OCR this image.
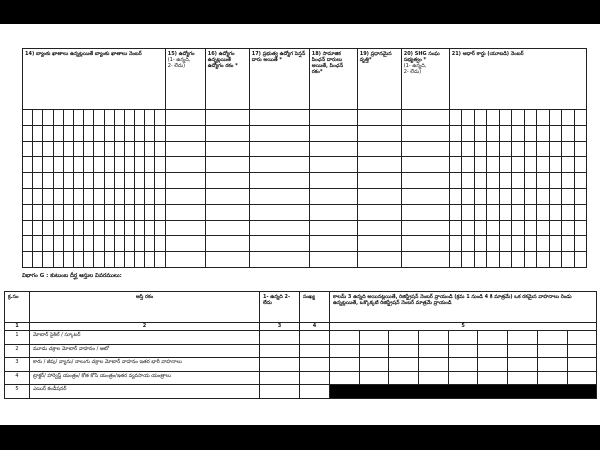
14) బ్యాంకు ఖాతాలు ఉన్నట్లయితే బ్యాంకు ఖాతాలు నెంబర్														15) ఉద్యోగం
(1- ఉన్నది,
2- లేదు)	16) ఉద్యోగం ఉన్నట్లయితే ఉద్యోగం రకం *	17) ప్రభుత్వ ఉద్యోగ పెన్షన్ దారు అయితే *	18) సామాజిక పింఛన్ దారులు అయితే, పింఛన్ రకం*	19) ప్రధానమైన వృత్తి*	20) SHG సంఘ సభ్యత్వం *
(1- ఉన్నది,
2- లేదు)	21) ఆధార్ కార్డు (యూఐడి) నెంబర్										

విభాగం G : కుటుంబ దీర్ఘ ఆస్తుల వివరములు:
క్ర.సం	ఆస్తి రకం	1- ఉన్నది 2- లేదు	సంఖ్య	కాలమ్ 3 ఉన్నది అయినట్లయితే, రిజిస్ట్రేషన్ నెంబర్ వ్రాయండి (క్రమ 1 నుండి 4 కి మాత్రమే) ఒక రకమైన వాహనాలు రెండు ఉన్నట్లయితే, ఒక్కొక్కటి రిజిస్ట్రేషన్ నెంబర్ మాత్రమే వ్రాయండి								
1	2	3	4	5								
1	మోటార్ సైకిల్ / స్కూటర్											
2	మూడు చక్రాల మోటార్ వాహనం / ఆటో											
3	కారు / జీపు/ వ్యాను/ నాలుగు చక్రాల మోటార్ వాహనం ఇతర భారీ వాహనాలు											
4	ట్రాక్టర్/ హార్వెస్ట్ యంత్రం/ కోత కోసే యంత్రం/ఇతర వ్యవసాయ యంత్రాలు											
5	ఎయిర్ కండీషనర్											
